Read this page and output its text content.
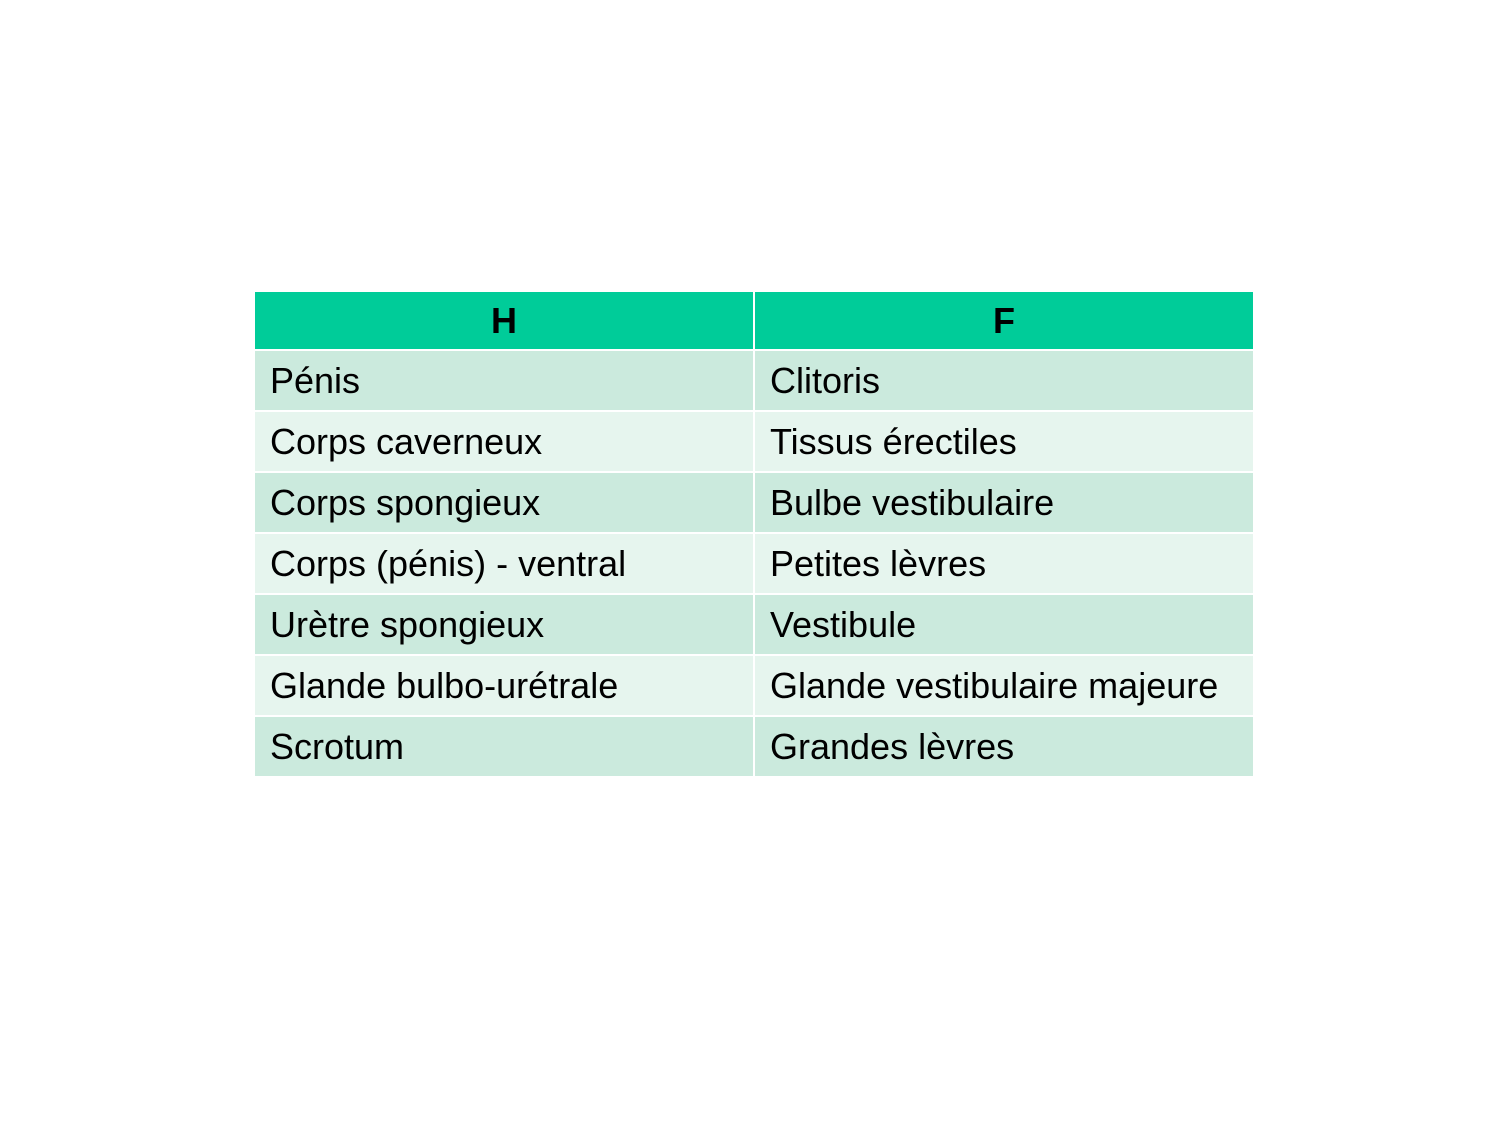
H	F
Pénis	Clitoris
Corps caverneux	Tissus érectiles
Corps spongieux	Bulbe vestibulaire
Corps (pénis) - ventral	Petites lèvres
Urètre spongieux	Vestibule
Glande bulbo-urétrale	Glande vestibulaire majeure
Scrotum	Grandes lèvres
